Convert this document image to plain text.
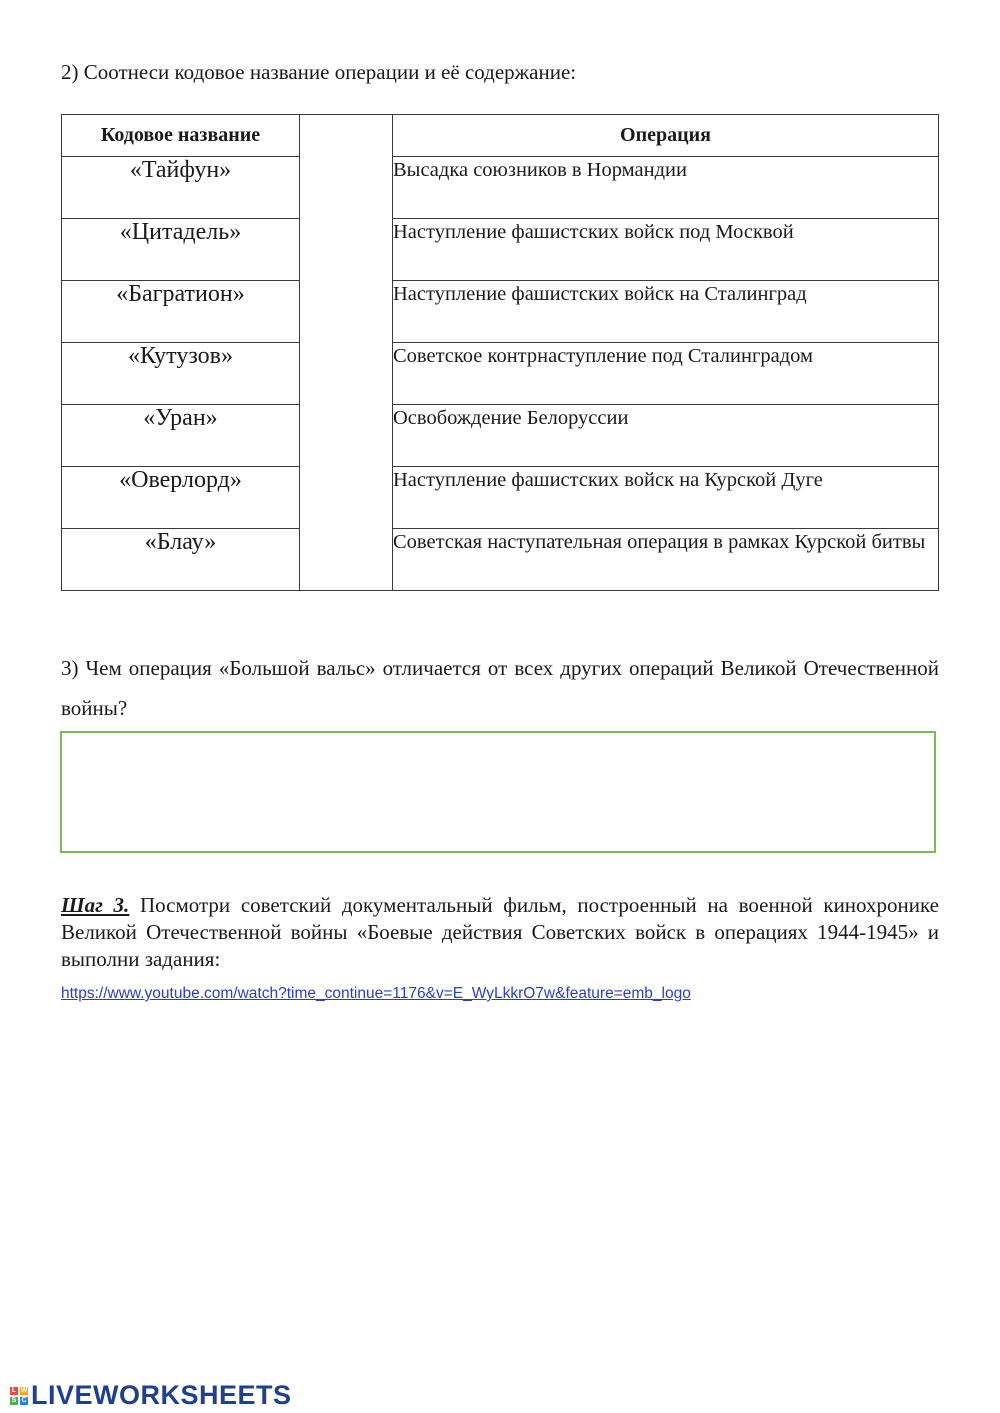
2) Соотнеси кодовое название операции и её содержание:
Кодовое название		Операция
«Тайфун»		Высадка союзников в Нормандии
«Цитадель»		Наступление фашистских войск под Москвой
«Багратион»		Наступление фашистских войск на Сталинград
«Кутузов»		Советское контрнаступление под Сталинградом
«Уран»		Освобождение Белоруссии
«Оверлорд»		Наступление фашистских войск на Курской Дуге
«Блау»		Советская наступательная операция в рамках Курской битвы
3) Чем операция «Большой вальс» отличается от всех других операций Великой Отечественной войны?
Шаг 3. Посмотри советский документальный фильм, построенный на военной кинохронике Великой Отечественной войны «Боевые действия Советских войск в операциях 1944-1945» и выполни задания:
https://www.youtube.com/watch?time_continue=1176&v=E_WyLkkrO7w&feature=emb_logo
L W
S C LIVEWORKSHEETS
